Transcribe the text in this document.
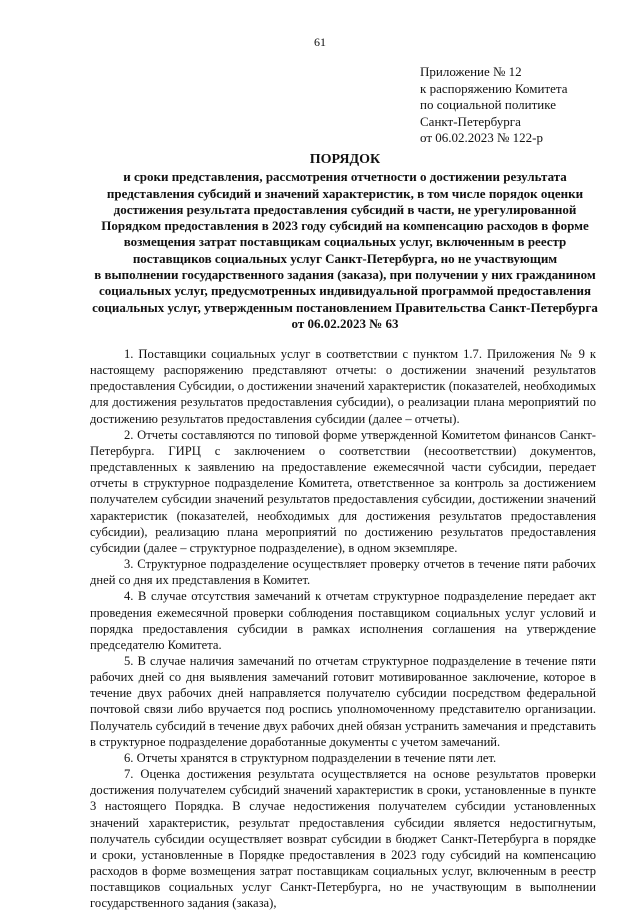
61
Приложение № 12
к распоряжению Комитета
по социальной политике
Санкт-Петербурга
от 06.02.2023 № 122-р
ПОРЯДОК
и сроки представления, рассмотрения отчетности о достижении результата
представления субсидий и значений характеристик, в том числе порядок оценки
достижения результата предоставления субсидий в части, не урегулированной
Порядком предоставления в 2023 году субсидий на компенсацию расходов в форме
возмещения затрат поставщикам социальных услуг, включенным в реестр
поставщиков социальных услуг Санкт-Петербурга, но не участвующим
в выполнении государственного задания (заказа), при получении у них гражданином
социальных услуг, предусмотренных индивидуальной программой предоставления
социальных услуг, утвержденным постановлением Правительства Санкт-Петербурга
от 06.02.2023 № 63

1. Поставщики социальных услуг в соответствии с пунктом 1.7. Приложения № 9 к настоящему распоряжению представляют отчеты: о достижении значений результатов предоставления Субсидии, о достижении значений характеристик (показателей, необходимых для достижения результатов предоставления субсидии), о реализации плана мероприятий по достижению результатов предоставления субсидии (далее – отчеты).

2. Отчеты составляются по типовой форме утвержденной Комитетом финансов Санкт-Петербурга. ГИРЦ с заключением о соответствии (несоответствии) документов, представленных к заявлению на предоставление ежемесячной части субсидии, передает отчеты в структурное подразделение Комитета, ответственное за контроль за достижением получателем субсидии значений результатов предоставления субсидии, достижении значений характеристик (показателей, необходимых для достижения результатов предоставления субсидии), реализацию плана мероприятий по достижению результатов предоставления субсидии (далее – структурное подразделение), в одном экземпляре.

3. Структурное подразделение осуществляет проверку отчетов в течение пяти рабочих дней со дня их представления в Комитет.

4. В случае отсутствия замечаний к отчетам структурное подразделение передает акт проведения ежемесячной проверки соблюдения поставщиком социальных услуг условий и порядка предоставления субсидии в рамках исполнения соглашения на утверждение председателю Комитета.

5. В случае наличия замечаний по отчетам структурное подразделение в течение пяти рабочих дней со дня выявления замечаний готовит мотивированное заключение, которое в течение двух рабочих дней направляется получателю субсидии посредством федеральной почтовой связи либо вручается под роспись уполномоченному представителю организации. Получатель субсидий в течение двух рабочих дней обязан устранить замечания и представить в структурное подразделение доработанные документы с учетом замечаний.

6. Отчеты хранятся в структурном подразделении в течение пяти лет.

7. Оценка достижения результата осуществляется на основе результатов проверки достижения получателем субсидий значений характеристик в сроки, установленные в пункте 3 настоящего Порядка. В случае недостижения получателем субсидии установленных значений характеристик, результат предоставления субсидии является недостигнутым, получатель субсидии осуществляет возврат субсидии в бюджет Санкт-Петербурга в порядке и сроки, установленные в Порядке предоставления в 2023 году субсидий на компенсацию расходов в форме возмещения затрат поставщикам социальных услуг, включенным в реестр поставщиков социальных услуг Санкт-Петербурга, но не участвующим в выполнении государственного задания (заказа),
